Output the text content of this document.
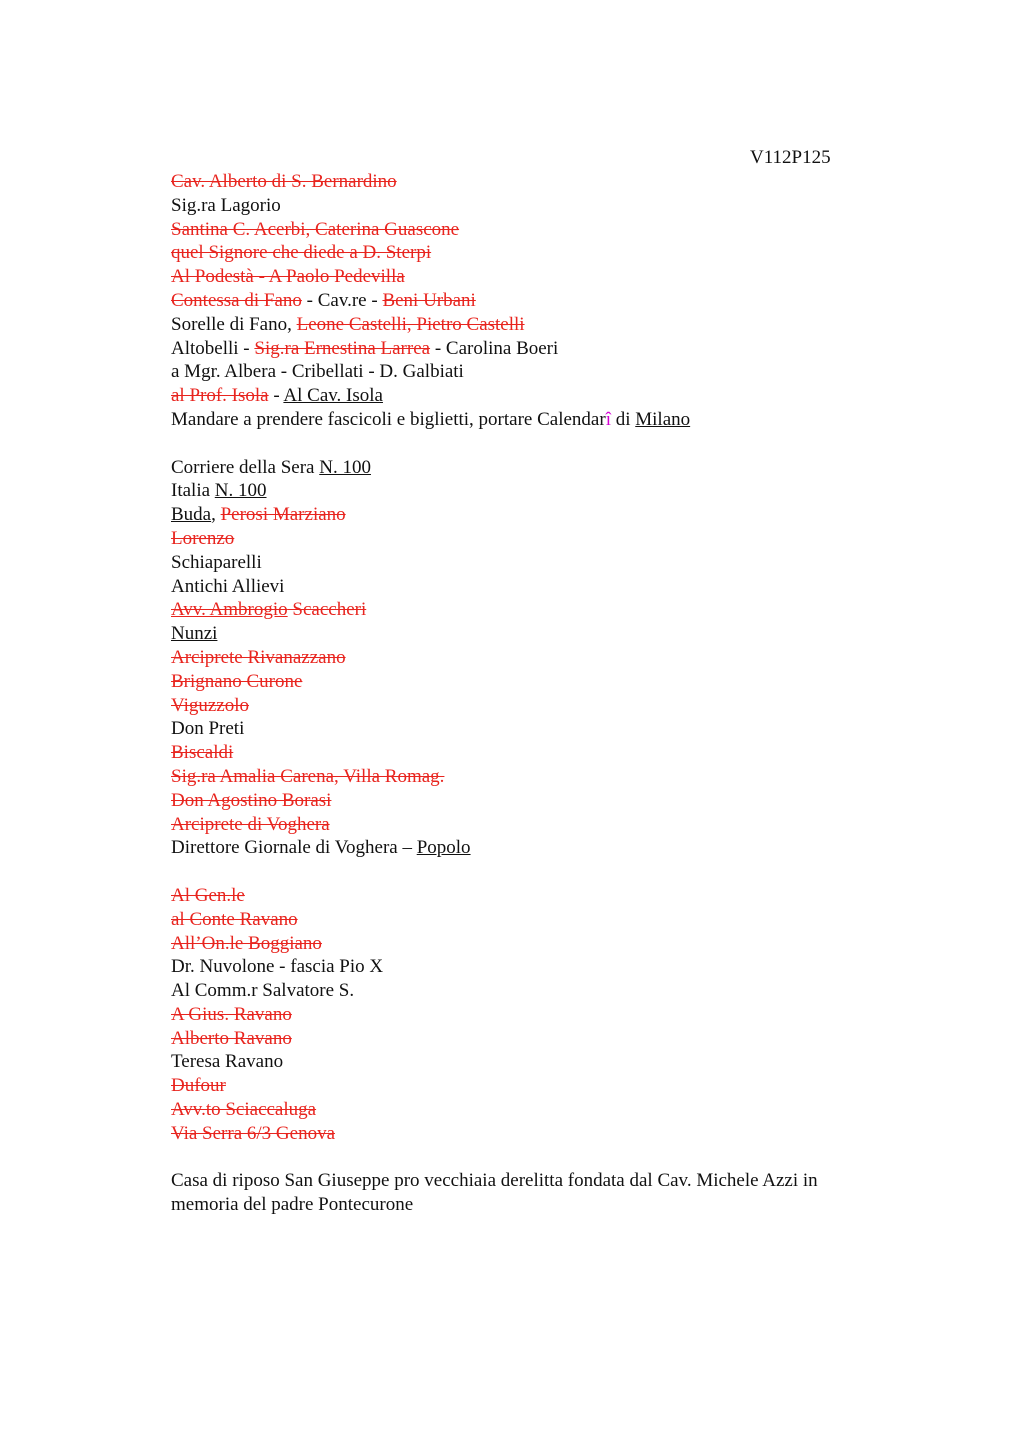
V112P125
Cav. Alberto di S. Bernardino
Sig.ra Lagorio
Santina C. Acerbi, Caterina Guascone
quel Signore che diede a D. Sterpi
Al Podestà - A Paolo Pedevilla
Contessa di Fano - Cav.re - Beni Urbani
Sorelle di Fano, Leone Castelli, Pietro Castelli
Altobelli - Sig.ra Ernestina Larrea - Carolina Boeri
a Mgr. Albera - Cribellati - D. Galbiati
al Prof. Isola - Al Cav. Isola
Mandare a prendere fascicoli e biglietti, portare Calendarî di Milano
Corriere della Sera N. 100
Italia N. 100
Buda, Perosi Marziano
Lorenzo
Schiaparelli
Antichi Allievi
Avv. Ambrogio Scaccheri
Nunzi
Arciprete Rivanazzano
Brignano Curone
Viguzzolo
Don Preti
Biscaldi
Sig.ra Amalia Carena, Villa Romag.
Don Agostino Borasi
Arciprete di Voghera
Direttore Giornale di Voghera – Popolo
Al Gen.le
al Conte Ravano
All’On.le Boggiano
Dr. Nuvolone - fascia Pio X
Al Comm.r Salvatore S.
A Gius. Ravano
Alberto Ravano
Teresa Ravano
Dufour
Avv.to Sciaccaluga
Via Serra 6/3 Genova
Casa di riposo San Giuseppe pro vecchiaia derelitta fondata dal Cav. Michele Azzi in memoria del padre Pontecurone
